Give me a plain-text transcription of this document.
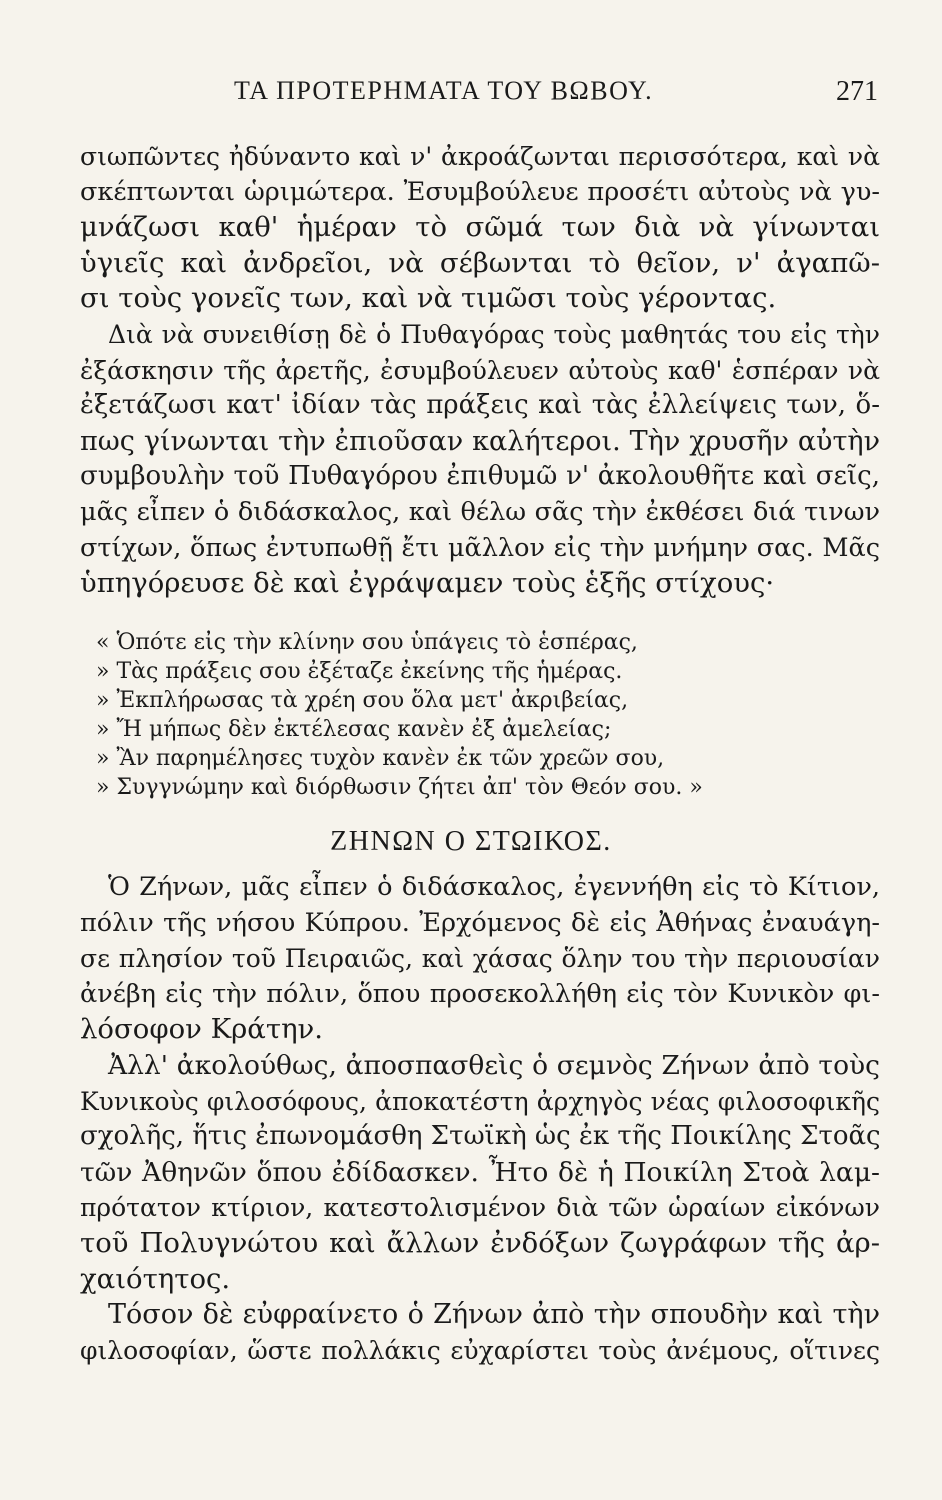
ΤΑ ΠΡΟΤΕΡΗΜΑΤΑ ΤΟΥ ΒΩΒΟΥ.	271
σιωπῶντες ἠδύναντο καὶ ν' ἀκροάζωνται περισσότερα, καὶ νὰ
σκέπτωνται ὡριμώτερα. Ἐσυμβούλευε προσέτι αὐτοὺς νὰ γυ-
μνάζωσι καθ' ἡμέραν τὸ σῶμά των διὰ νὰ γίνωνται
ὑγιεῖς καὶ ἀνδρεῖοι, νὰ σέβωνται τὸ θεῖον, ν' ἀγαπῶ-
σι τοὺς γονεῖς των, καὶ νὰ τιμῶσι τοὺς γέροντας.
Διὰ νὰ συνειθίσῃ δὲ ὁ Πυθαγόρας τοὺς μαθητάς του εἰς τὴν
ἐξάσκησιν τῆς ἀρετῆς, ἐσυμβούλευεν αὐτοὺς καθ' ἑσπέραν νὰ
ἐξετάζωσι κατ' ἰδίαν τὰς πράξεις καὶ τὰς ἐλλείψεις των, ὅ-
πως γίνωνται τὴν ἐπιοῦσαν καλήτεροι. Τὴν χρυσῆν αὐτὴν
συμβουλὴν τοῦ Πυθαγόρου ἐπιθυμῶ ν' ἀκολουθῆτε καὶ σεῖς,
μᾶς εἶπεν ὁ διδάσκαλος, καὶ θέλω σᾶς τὴν ἐκθέσει διά τινων
στίχων, ὅπως ἐντυπωθῇ ἔτι μᾶλλον εἰς τὴν μνήμην σας. Μᾶς
ὑπηγόρευσε δὲ καὶ ἐγράψαμεν τοὺς ἑξῆς στίχους·
« Ὁπότε εἰς τὴν κλίνην σου ὑπάγεις τὸ ἑσπέρας,
» Τὰς πράξεις σου ἐξέταζε ἐκείνης τῆς ἡμέρας.
» Ἐκπλήρωσας τὰ χρέη σου ὅλα μετ' ἀκριβείας,
» Ἤ μήπως δὲν ἐκτέλεσας κανὲν ἐξ ἀμελείας;
» Ἂν παρημέλησες τυχὸν κανὲν ἐκ τῶν χρεῶν σου,
» Συγγνώμην καὶ διόρθωσιν ζήτει ἀπ' τὸν Θεόν σου. »
ΖΗΝΩΝ Ο ΣΤΩΙΚΟΣ.
Ὁ Ζήνων, μᾶς εἶπεν ὁ διδάσκαλος, ἐγεννήθη εἰς τὸ Κίτιον,
πόλιν τῆς νήσου Κύπρου. Ἐρχόμενος δὲ εἰς Ἀθήνας ἐναυάγη-
σε πλησίον τοῦ Πειραιῶς, καὶ χάσας ὅλην του τὴν περιουσίαν
ἀνέβη εἰς τὴν πόλιν, ὅπου προσεκολλήθη εἰς τὸν Κυνικὸν φι-
λόσοφον Κράτην.
Ἀλλ' ἀκολούθως, ἀποσπασθεὶς ὁ σεμνὸς Ζήνων ἀπὸ τοὺς
Κυνικοὺς φιλοσόφους, ἀποκατέστη ἀρχηγὸς νέας φιλοσοφικῆς
σχολῆς, ἥτις ἐπωνομάσθη Στωϊκὴ ὡς ἐκ τῆς Ποικίλης Στοᾶς
τῶν Ἀθηνῶν ὅπου ἐδίδασκεν. Ἦτο δὲ ἡ Ποικίλη Στοὰ λαμ-
πρότατον κτίριον, κατεστολισμένον διὰ τῶν ὡραίων εἰκόνων
τοῦ Πολυγνώτου καὶ ἄλλων ἐνδόξων ζωγράφων τῆς ἀρ-
χαιότητος.
Τόσον δὲ εὐφραίνετο ὁ Ζήνων ἀπὸ τὴν σπουδὴν καὶ τὴν
φιλοσοφίαν, ὥστε πολλάκις εὐχαρίστει τοὺς ἀνέμους, οἵτινες
